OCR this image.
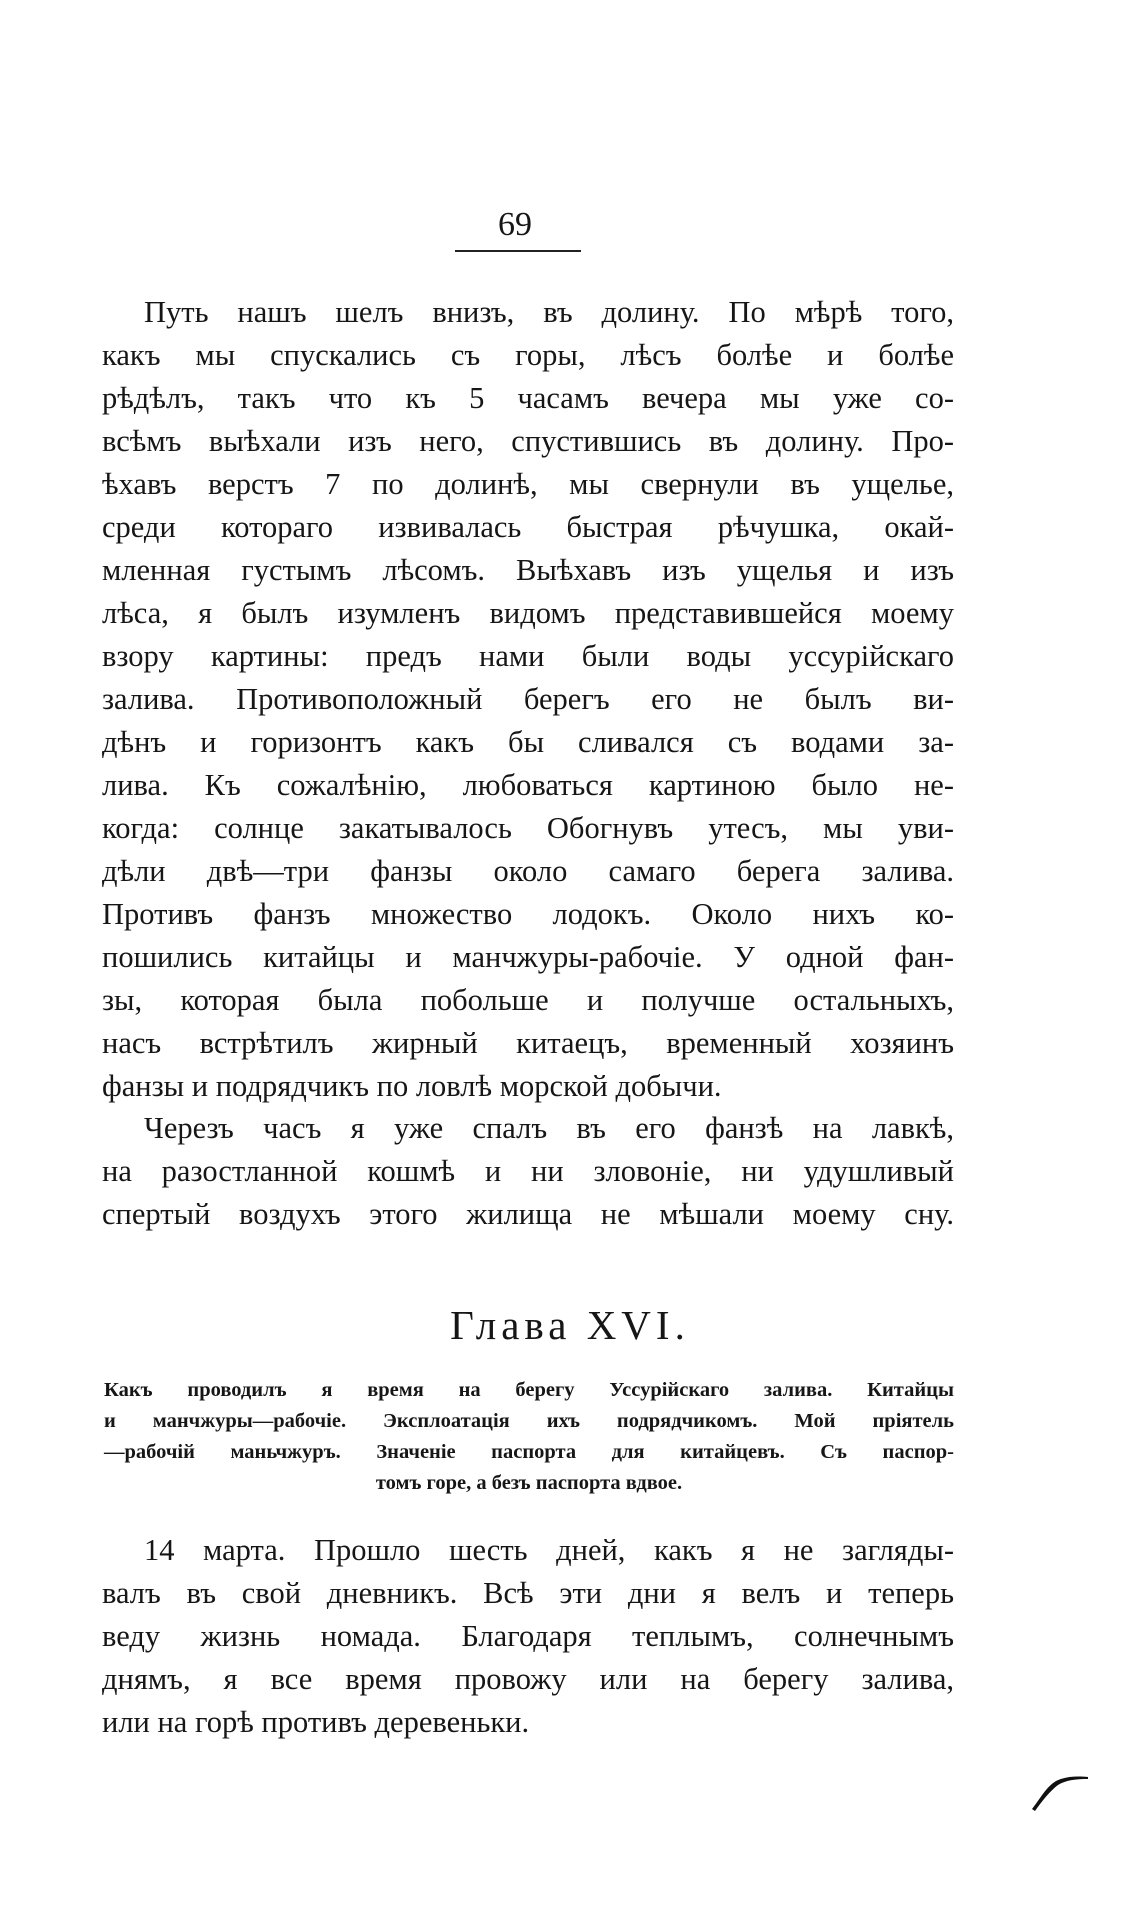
69
Путь нашъ шелъ внизъ, въ долину. По мѣрѣ того,
какъ мы спускались съ горы, лѣсъ болѣе и болѣе
рѣдѣлъ, такъ что къ 5 часамъ вечера мы уже со-
всѣмъ выѣхали изъ него, спустившись въ долину. Про-
ѣхавъ верстъ 7 по долинѣ, мы свернули въ ущелье,
среди котораго извивалась быстрая рѣчушка, окай-
мленная густымъ лѣсомъ. Выѣхавъ изъ ущелья и изъ
лѣса, я былъ изумленъ видомъ представившейся моему
взору картины: предъ нами были воды уссурійскаго
залива. Противоположный берегъ его не былъ ви-
дѣнъ и горизонтъ какъ бы сливался съ водами за-
лива. Къ сожалѣнію, любоваться картиною было не-
когда: солнце закатывалось Обогнувъ утесъ, мы уви-
дѣли двѣ—три фанзы около самаго берега залива.
Противъ фанзъ множество лодокъ. Около нихъ ко-
пошились китайцы и манчжуры-рабочіе. У одной фан-
зы, которая была побольше и получше остальныхъ,
насъ встрѣтилъ жирный китаецъ, временный хозяинъ
фанзы и подрядчикъ по ловлѣ морской добычи.
Черезъ часъ я уже спалъ въ его фанзѣ на лавкѣ,
на разостланной кошмѣ и ни зловоніе, ни удушливый
спертый воздухъ этого жилища не мѣшали моему сну.
Глава XVI.
Какъ проводилъ я время на берегу Уссурійскаго залива. Китайцы
и манчжуры—рабочіе. Эксплоатація ихъ подрядчикомъ. Мой пріятель
—рабочій маньчжуръ. Значеніе паспорта для китайцевъ. Съ паспор-
томъ горе, а безъ паспорта вдвое.
14 марта. Прошло шесть дней, какъ я не загляды-
валъ въ свой дневникъ. Всѣ эти дни я велъ и теперь
веду жизнь номада. Благодаря теплымъ, солнечнымъ
днямъ, я все время провожу или на берегу залива,
или на горѣ противъ деревеньки.
